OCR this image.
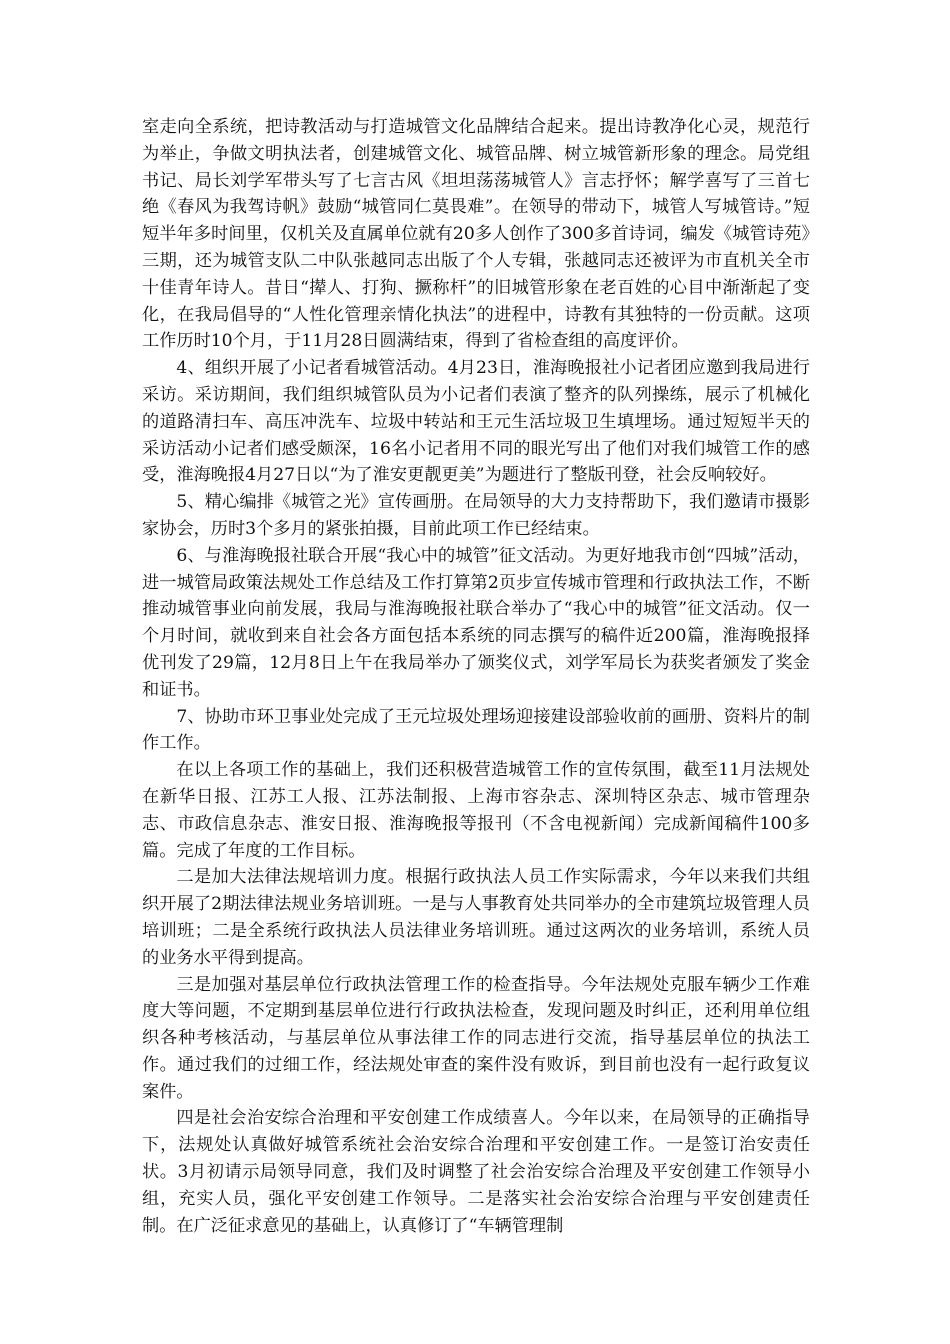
室走向全系统，把诗教活动与打造城管文化品牌结合起来。提出诗教净化心灵，规范行为举止，争做文明执法者，创建城管文化、城管品牌、树立城管新形象的理念。局党组书记、局长刘学军带头写了七言古风《坦坦荡荡城管人》言志抒怀；解学喜写了三首七绝《春风为我驾诗帆》鼓励“城管同仁莫畏难”。在领导的带动下，城管人写城管诗。”短短半年多时间里，仅机关及直属单位就有20多人创作了300多首诗词，编发《城管诗苑》三期，还为城管支队二中队张越同志出版了个人专辑，张越同志还被评为市直机关全市十佳青年诗人。昔日“撵人、打狗、撅称杆”的旧城管形象在老百姓的心目中渐渐起了变化，在我局倡导的“人性化管理亲情化执法”的进程中，诗教有其独特的一份贡献。这项工作历时10个月，于11月28日圆满结束，得到了省检查组的高度评价。

4、组织开展了小记者看城管活动。4月23日，淮海晚报社小记者团应邀到我局进行采访。采访期间，我们组织城管队员为小记者们表演了整齐的队列操练，展示了机械化的道路清扫车、高压冲洗车、垃圾中转站和王元生活垃圾卫生填埋场。通过短短半天的采访活动小记者们感受颇深，16名小记者用不同的眼光写出了他们对我们城管工作的感受，淮海晚报4月27日以“为了淮安更靓更美”为题进行了整版刊登，社会反响较好。

5、精心编排《城管之光》宣传画册。在局领导的大力支持帮助下，我们邀请市摄影家协会，历时3个多月的紧张拍摄，目前此项工作已经结束。

6、与淮海晚报社联合开展“我心中的城管”征文活动。为更好地我市创“四城”活动，进一城管局政策法规处工作总结及工作打算第2页步宣传城市管理和行政执法工作，不断推动城管事业向前发展，我局与淮海晚报社联合举办了“我心中的城管”征文活动。仅一个月时间，就收到来自社会各方面包括本系统的同志撰写的稿件近200篇，淮海晚报择优刊发了29篇，12月8日上午在我局举办了颁奖仪式，刘学军局长为获奖者颁发了奖金和证书。

7、协助市环卫事业处完成了王元垃圾处理场迎接建设部验收前的画册、资料片的制作工作。

在以上各项工作的基础上，我们还积极营造城管工作的宣传氛围，截至11月法规处在新华日报、江苏工人报、江苏法制报、上海市容杂志、深圳特区杂志、城市管理杂志、市政信息杂志、淮安日报、淮海晚报等报刊（不含电视新闻）完成新闻稿件100多篇。完成了年度的工作目标。

二是加大法律法规培训力度。根据行政执法人员工作实际需求，今年以来我们共组织开展了2期法律法规业务培训班。一是与人事教育处共同举办的全市建筑垃圾管理人员培训班；二是全系统行政执法人员法律业务培训班。通过这两次的业务培训，系统人员的业务水平得到提高。

三是加强对基层单位行政执法管理工作的检查指导。今年法规处克服车辆少工作难度大等问题，不定期到基层单位进行行政执法检查，发现问题及时纠正，还利用单位组织各种考核活动，与基层单位从事法律工作的同志进行交流，指导基层单位的执法工作。通过我们的过细工作，经法规处审查的案件没有败诉，到目前也没有一起行政复议案件。

四是社会治安综合治理和平安创建工作成绩喜人。今年以来，在局领导的正确指导下，法规处认真做好城管系统社会治安综合治理和平安创建工作。一是签订治安责任状。3月初请示局领导同意，我们及时调整了社会治安综合治理及平安创建工作领导小组，充实人员，强化平安创建工作领导。二是落实社会治安综合治理与平安创建责任制。在广泛征求意见的基础上，认真修订了“车辆管理制
